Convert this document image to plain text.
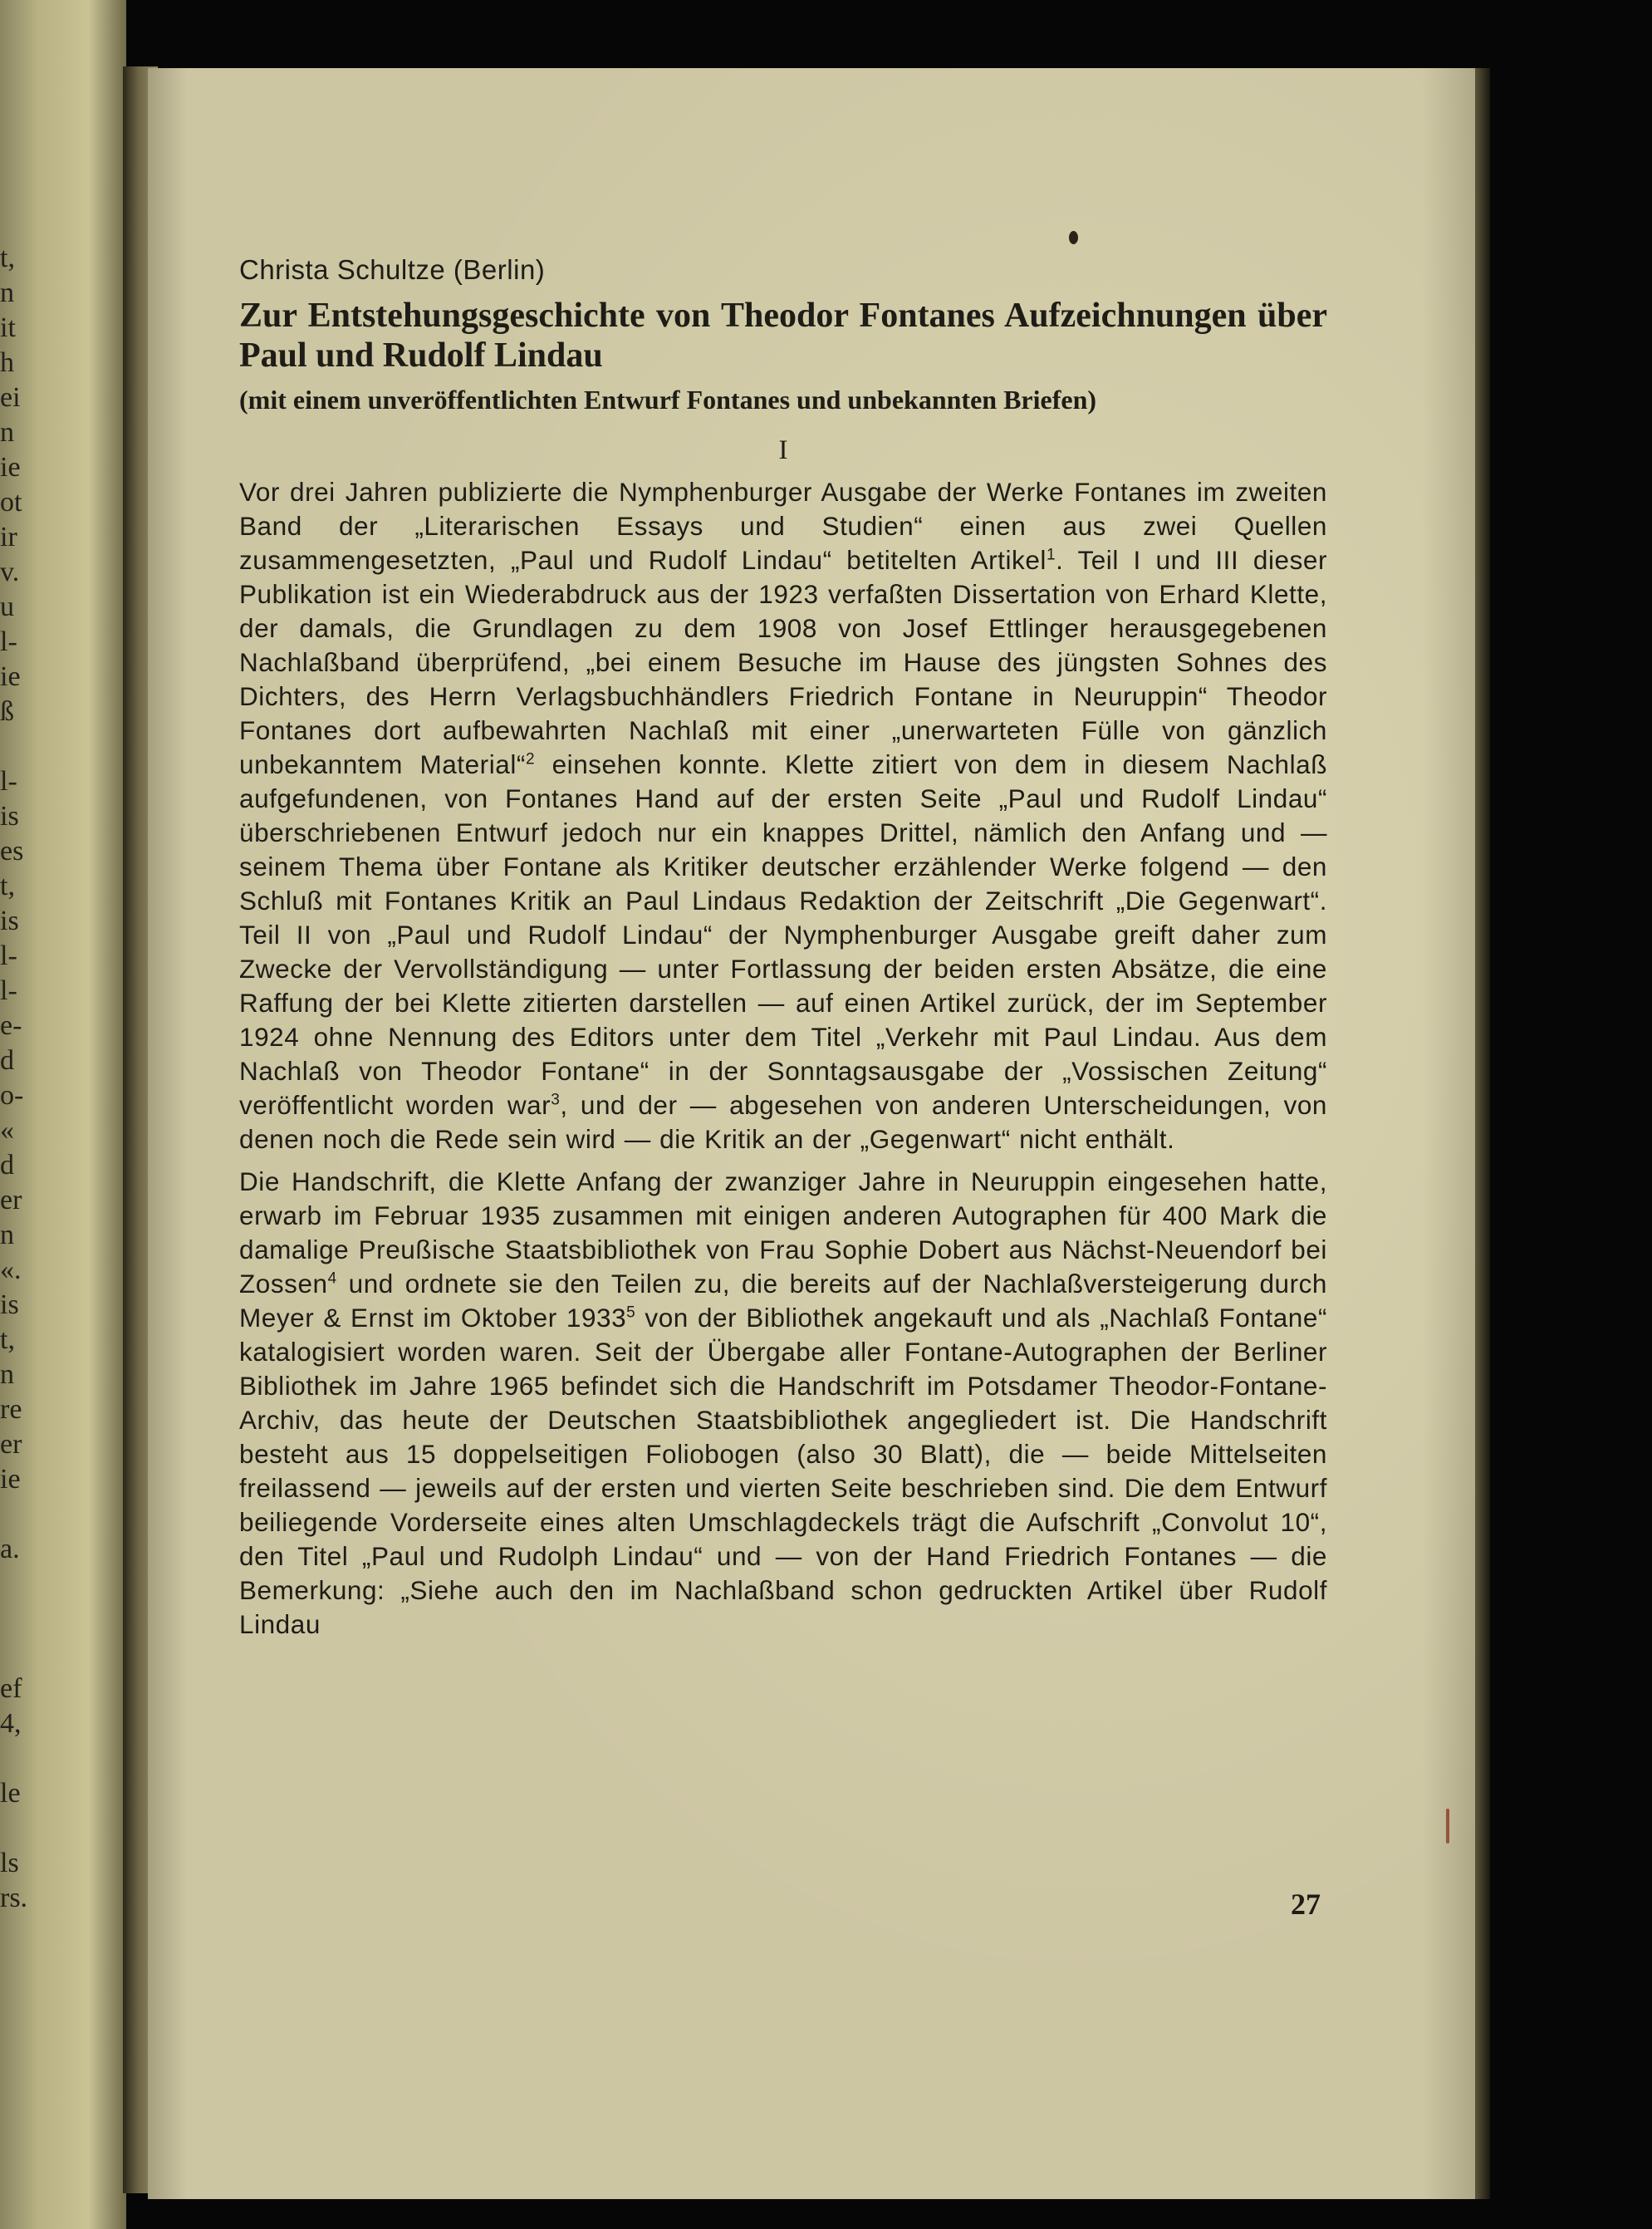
t,
n
it
h
ei
n
ie
ot
ir
v.
u
l-
ie
ß
l-
is
es
t,
is
l-
l-
e-
d
o-
«
d
er
n
«.
is
t,
n
re
er
ie
a.
ef
4,
le
ls
rs.
Christa Schultze (Berlin)
Zur Entstehungsgeschichte von Theodor Fontanes Aufzeichnungen über Paul und Rudolf Lindau
(mit einem unveröffentlichten Entwurf Fontanes und unbekannten Briefen)
I

Vor drei Jahren publizierte die Nymphenburger Ausgabe der Werke Fontanes im zweiten Band der „Literarischen Essays und Studien“ einen aus zwei Quellen zusammengesetzten, „Paul und Rudolf Lindau“ betitelten Artikel$^1$. Teil I und III dieser Publikation ist ein Wiederabdruck aus der 1923 verfaßten Dissertation von Erhard Klette, der damals, die Grundlagen zu dem 1908 von Josef Ettlinger herausgegebenen Nachlaßband überprüfend, „bei einem Besuche im Hause des jüngsten Sohnes des Dichters, des Herrn Verlagsbuchhändlers Friedrich Fontane in Neuruppin“ Theodor Fontanes dort aufbewahrten Nachlaß mit einer „unerwarteten Fülle von gänzlich unbekanntem Material“$^2$ einsehen konnte. Klette zitiert von dem in diesem Nachlaß aufgefundenen, von Fontanes Hand auf der ersten Seite „Paul und Rudolf Lindau“ überschriebenen Entwurf jedoch nur ein knappes Drittel, nämlich den Anfang und — seinem Thema über Fontane als Kritiker deutscher erzählender Werke folgend — den Schluß mit Fontanes Kritik an Paul Lindaus Redaktion der Zeitschrift „Die Gegenwart“. Teil II von „Paul und Rudolf Lindau“ der Nymphenburger Ausgabe greift daher zum Zwecke der Vervollständigung — unter Fortlassung der beiden ersten Absätze, die eine Raffung der bei Klette zitierten darstellen — auf einen Artikel zurück, der im September 1924 ohne Nennung des Editors unter dem Titel „Verkehr mit Paul Lindau. Aus dem Nachlaß von Theodor Fontane“ in der Sonntagsausgabe der „Vossischen Zeitung“ veröffentlicht worden war$^3$, und der — abgesehen von anderen Unterscheidungen, von denen noch die Rede sein wird — die Kritik an der „Gegenwart“ nicht enthält.

Die Handschrift, die Klette Anfang der zwanziger Jahre in Neuruppin eingesehen hatte, erwarb im Februar 1935 zusammen mit einigen anderen Autographen für 400 Mark die damalige Preußische Staatsbibliothek von Frau Sophie Dobert aus Nächst-Neuendorf bei Zossen$^4$ und ordnete sie den Teilen zu, die bereits auf der Nachlaßversteigerung durch Meyer & Ernst im Oktober 1933$^5$ von der Bibliothek angekauft und als „Nachlaß Fontane“ katalogisiert worden waren. Seit der Übergabe aller Fontane-Autographen der Berliner Bibliothek im Jahre 1965 befindet sich die Handschrift im Potsdamer Theodor-Fontane-Archiv, das heute der Deutschen Staatsbibliothek angegliedert ist. Die Handschrift besteht aus 15 doppelseitigen Foliobogen (also 30 Blatt), die — beide Mittelseiten freilassend — jeweils auf der ersten und vierten Seite beschrieben sind. Die dem Entwurf beiliegende Vorderseite eines alten Umschlagdeckels trägt die Aufschrift „Convolut 10“, den Titel „Paul und Rudolph Lindau“ und — von der Hand Friedrich Fontanes — die Bemerkung: „Siehe auch den im Nachlaßband schon gedruckten Artikel über Rudolf Lindau

27
